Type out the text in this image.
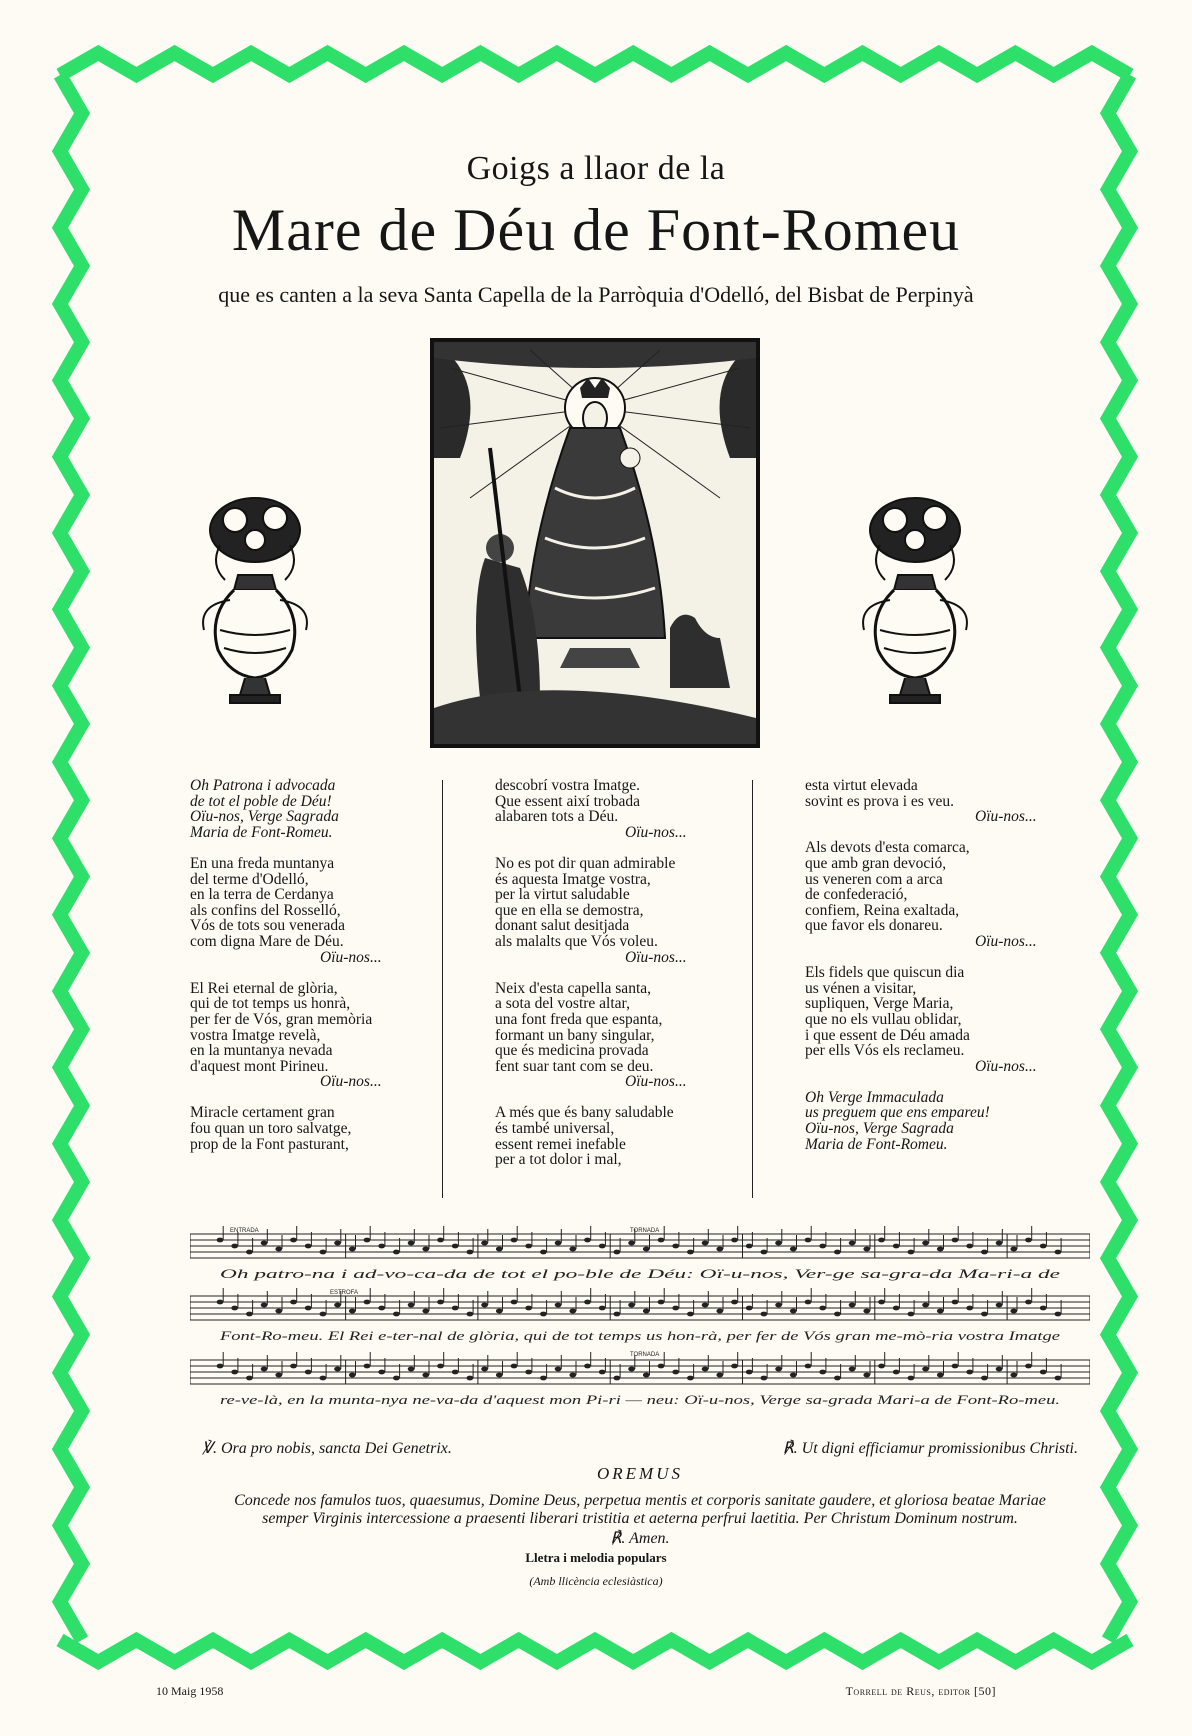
Goigs a llaor de la
Mare de Déu de Font-Romeu
que es canten a la seva Santa Capella de la Parròquia d'Odelló, del Bisbat de Perpinyà
Oh Patrona i advocada
de tot el poble de Déu!
Oïu-nos, Verge Sagrada
Maria de Font-Romeu.
En una freda muntanya
del terme d'Odelló,
en la terra de Cerdanya
als confins del Rosselló,
Vós de tots sou venerada
com digna Mare de Déu.
Oïu-nos...
El Rei eternal de glòria,
qui de tot temps us honrà,
per fer de Vós, gran memòria
vostra Imatge revelà,
en la muntanya nevada
d'aquest mont Pirineu.
Oïu-nos...
Miracle certament gran
fou quan un toro salvatge,
prop de la Font pasturant,
descobrí vostra Imatge.
Que essent així trobada
alabaren tots a Déu.
Oïu-nos...
No es pot dir quan admirable
és aquesta Imatge vostra,
per la virtut saludable
que en ella se demostra,
donant salut desitjada
als malalts que Vós voleu.
Oïu-nos...
Neix d'esta capella santa,
a sota del vostre altar,
una font freda que espanta,
formant un bany singular,
que és medicina provada
fent suar tant com se deu.
Oïu-nos...
A més que és bany saludable
és també universal,
essent remei inefable
per a tot dolor i mal,
esta virtut elevada
sovint es prova i es veu.
Oïu-nos...
Als devots d'esta comarca,
que amb gran devoció,
us veneren com a arca
de confederació,
confiem, Reina exaltada,
que favor els donareu.
Oïu-nos...
Els fidels que quiscun dia
us vénen a visitar,
supliquen, Verge Maria,
que no els vullau oblidar,
i que essent de Déu amada
per ells Vós els reclameu.
Oïu-nos...
Oh Verge Immaculada
us preguem que ens empareu!
Oïu-nos, Verge Sagrada
Maria de Font-Romeu.
ENTRADA	TORNADA
ESTROFA
TORNADA
Oh patro-na i ad-vo-ca-da de tot el po-ble de Déu: Oï-u-nos, Ver-ge sa-gra-da Ma-ri-a de
Font-Ro-meu. El Rei e-ter-nal de glòria, qui de tot temps us hon-rà, per fer de Vós gran me-mò-ria vostra Imatge
re-ve-là, en la munta-nya ne-va-da d'aquest mon Pi-ri — neu: Oï-u-nos, Verge sa-grada Mari-a de Font-Ro-meu.
℣. Ora pro nobis, sancta Dei Genetrix.	℟. Ut digni efficiamur promissionibus Christi.
OREMUS
Concede nos famulos tuos, quaesumus, Domine Deus, perpetua mentis et corporis sanitate gaudere, et gloriosa beatae Mariae
semper Virginis intercessione a praesenti liberari tristitia et aeterna perfrui laetitia. Per Christum Dominum nostrum.
℟. Amen.
Lletra i melodia populars
(Amb llicència eclesiàstica)
10 Maig 1958	Torrell de Reus, editor [50]
